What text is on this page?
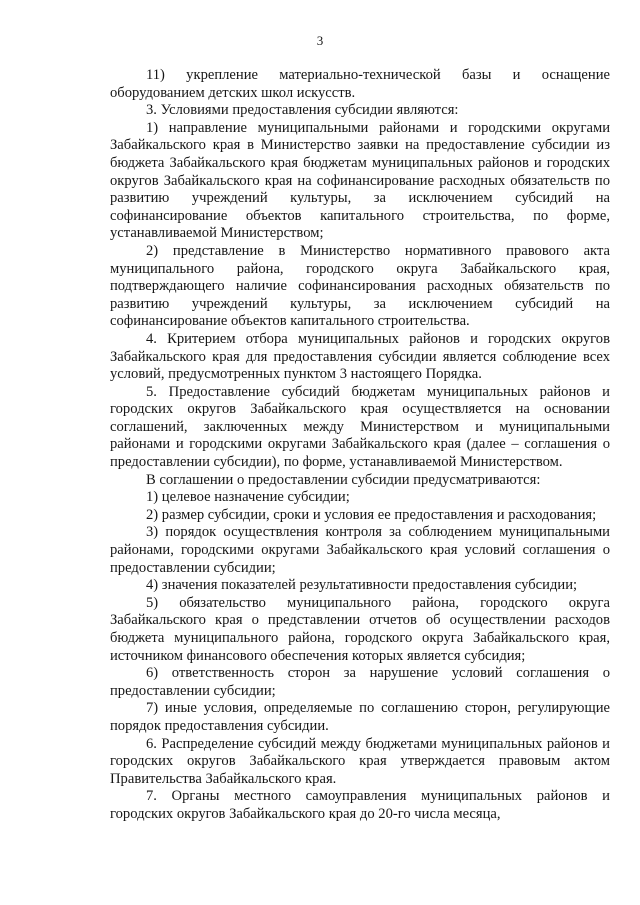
3

11) укрепление материально-технической базы и оснащение оборудованием детских школ искусств.

3. Условиями предоставления субсидии являются:

1) направление муниципальными районами и городскими округами Забайкальского края в Министерство заявки на предоставление субсидии из бюджета Забайкальского края бюджетам муниципальных районов и городских округов Забайкальского края на софинансирование расходных обязательств по развитию учреждений культуры, за исключением субсидий на софинансирование объектов капитального строительства, по форме, устанавливаемой Министерством;

2) представление в Министерство нормативного правового акта муниципального района, городского округа Забайкальского края, подтверждающего наличие софинансирования расходных обязательств по развитию учреждений культуры, за исключением субсидий на софинансирование объектов капитального строительства.

4. Критерием отбора муниципальных районов и городских округов Забайкальского края для предоставления субсидии является соблюдение всех условий, предусмотренных пунктом 3 настоящего Порядка.

5. Предоставление субсидий бюджетам муниципальных районов и городских округов Забайкальского края осуществляется на основании соглашений, заключенных между Министерством и муниципальными районами и городскими округами Забайкальского края (далее – соглашения о предоставлении субсидии), по форме, устанавливаемой Министерством.

В соглашении о предоставлении субсидии предусматриваются:

1) целевое назначение субсидии;

2) размер субсидии, сроки и условия ее предоставления и расходования;

3) порядок осуществления контроля за соблюдением муниципальными районами, городскими округами Забайкальского края условий соглашения о предоставлении субсидии;

4) значения показателей результативности предоставления субсидии;

5) обязательство муниципального района, городского округа Забайкальского края о представлении отчетов об осуществлении расходов бюджета муниципального района, городского округа Забайкальского края, источником финансового обеспечения которых является субсидия;

6) ответственность сторон за нарушение условий соглашения о предоставлении субсидии;

7) иные условия, определяемые по соглашению сторон, регулирующие порядок предоставления субсидии.

6. Распределение субсидий между бюджетами муниципальных районов и городских округов Забайкальского края утверждается правовым актом Правительства Забайкальского края.

7. Органы местного самоуправления муниципальных районов и городских округов Забайкальского края до 20-го числа месяца,
